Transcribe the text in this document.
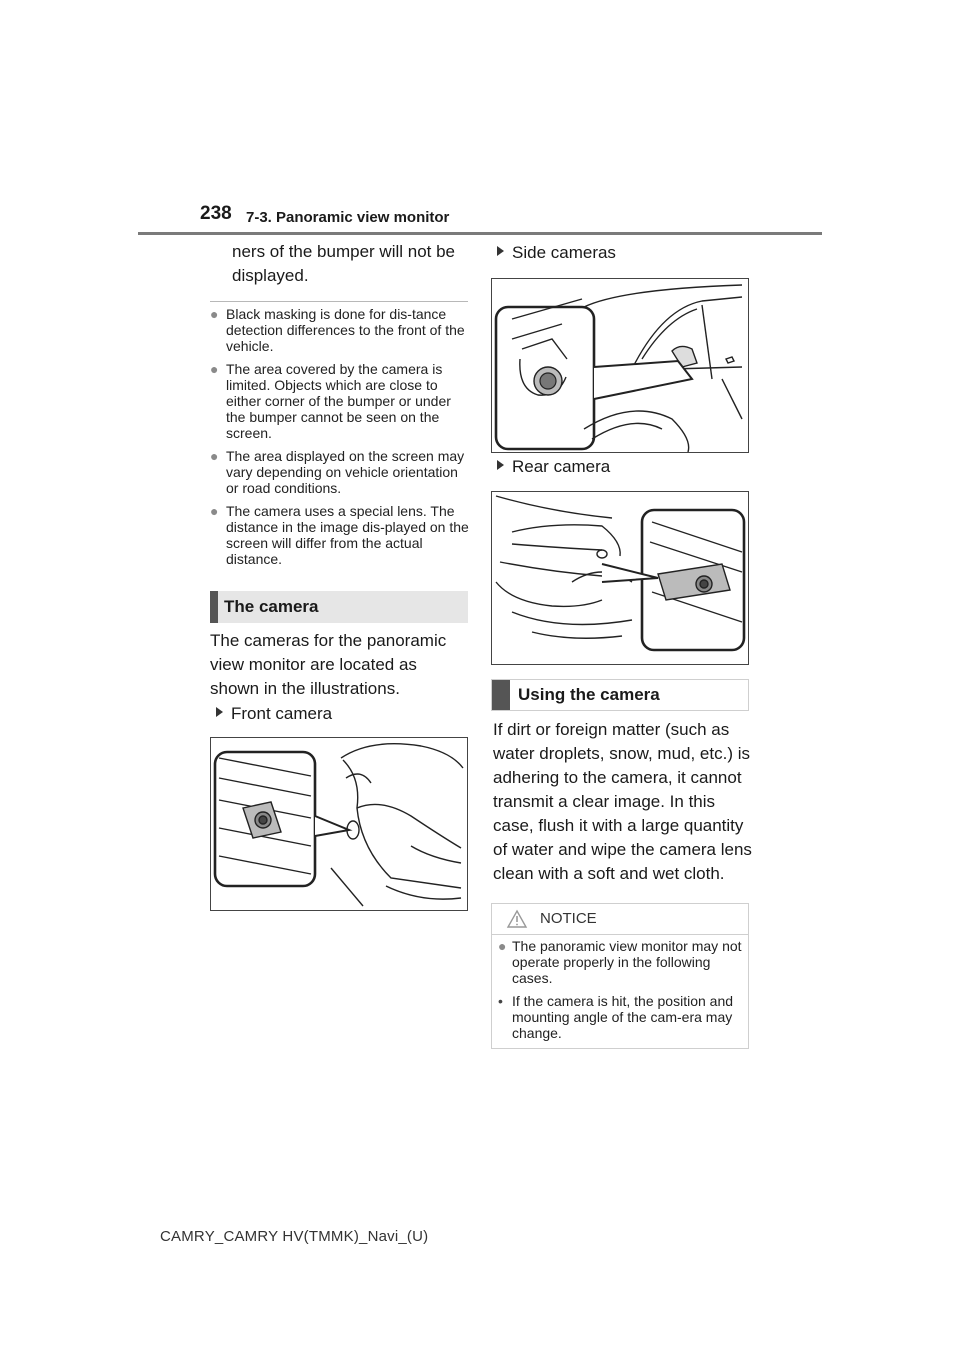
238 7-3. Panoramic view monitor
ners of the bumper will not be displayed.
● Black masking is done for dis-tance detection differences to the front of the vehicle.
● The area covered by the camera is limited. Objects which are close to either corner of the bumper or under the bumper cannot be seen on the screen.
● The area displayed on the screen may vary depending on vehicle orientation or road conditions.
● The camera uses a special lens. The distance in the image dis-played on the screen will differ from the actual distance.
The camera
The cameras for the panoramic view monitor are located as shown in the illustrations.
Front camera
Side cameras
Rear camera
Using the camera
If dirt or foreign matter (such as water droplets, snow, mud, etc.) is adhering to the camera, it cannot transmit a clear image. In this case, flush it with a large quantity of water and wipe the camera lens clean with a soft and wet cloth.
NOTICE
● The panoramic view monitor may not operate properly in the following cases.
• If the camera is hit, the position and mounting angle of the cam-era may change.
CAMRY_CAMRY HV(TMMK)_Navi_(U)
